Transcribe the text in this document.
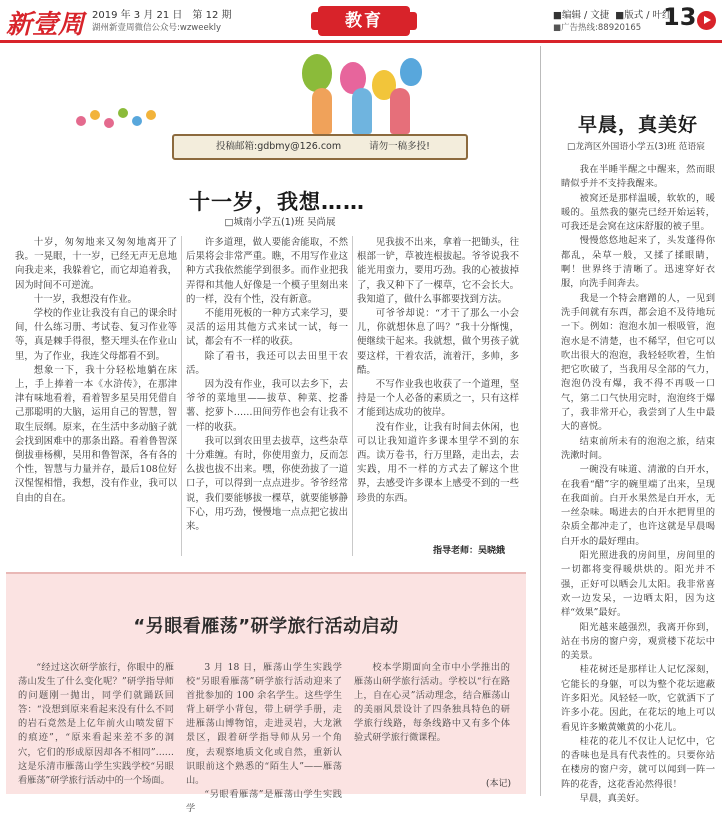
新壹周 2019 年 3 月 21 日　第 12 期
湖州新壹周微信公众号:wzweekly	教育	■编辑 / 文捷 ■版式 / 叶红
■广告热线:88920165 13
投稿邮箱:gdbmy@126.com	请勿一稿多投!
十一岁，我想……
□城南小学五(1)班 吴尚展

十岁，匆匆地来又匆匆地离开了我。一晃眼，十一岁，已经无声无息地向我走来，我躲着它，而它却追着我，因为时间不可逆流。

十一岁，我想没有作业。

学校的作业让我没有自己的课余时间，什么练习册、考试卷、复习作业等等，真是棘手得很，整天埋头在作业山里，为了作业，我连父母都看不到。

想象一下，我十分轻松地躺在床上，手上捧着一本《水浒传》，在那津津有味地看着，看着智多星吴用凭借自己那聪明的大脑，运用自己的智慧，智取生辰纲。原来，在生活中多动脑子就会找到困难中的那条出路。看着鲁智深倒拔垂杨柳，吴用和鲁智深，各有各的个性，智慧与力量并存，最后108位好汉惺惺相惜，我想，没有作业，我可以自由的自在。

许多道理，做人要能舍能取，不然后果将会非常严重。瞧，不用写作业这种方式我依然能学到很多。而作业把我弄得和其他人好像是一个模子里刻出来的一样，没有个性，没有新意。

不能用死板的一种方式来学习，要灵活的运用其他方式来试一试，每一试，都会有不一样的收获。

除了看书，我还可以去田里干农活。

因为没有作业，我可以去乡下，去爷爷的菜地里——拔草、种菜、挖番薯、挖萝卜……田间劳作也会有让我不一样的收获。

我可以到农田里去拔草，这些杂草十分难缠。有时，你使用蛮力，反而怎么拔也拔不出来。嘿，你使劲拔了一道口子，可以得到一点点进步。爷爷经常说，我们要能够拔一棵草，就要能够静下心，用巧劲，慢慢地一点点把它拔出来。

见我拔不出来，拿着一把锄头，往根部一铲，草被连根拔起。爷爷说我不能光用蛮力，要用巧劲。我的心被拔掉了，我又种下了一棵草，它不会长大。我知道了，做什么事都要找到方法。

可爷爷却说：“才干了那么一小会儿，你就想休息了吗？”我十分惭愧，便继续干起来。我就想，做个男孩子就要这样，干着农活，流着汗，多帅，多酷。

不写作业我也收获了一个道理，坚持是一个人必备的素质之一，只有这样才能到达成功的彼岸。

没有作业，让我有时间去休闲，也可以让我知道许多课本里学不到的东西。读万卷书，行万里路，走出去，去实践，用不一样的方式去了解这个世界，去感受许多课本上感受不到的一些珍贵的东西。

指导老师：吴晓娥
“另眼看雁荡”研学旅行活动启动

“经过这次研学旅行，你眼中的雁荡山发生了什么变化呢？”研学指导师的问题刚一抛出，同学们就踊跃回答：“没想到原来看起来没有什么不同的岩石竟然是上亿年前火山喷发留下的痕迹”，“原来看起来差不多的洞穴，它们的形成原因却各不相同”……这是乐清市雁荡山学生实践学校“另眼看雁荡”研学旅行活动中的一个场面。

3 月 18 日，雁荡山学生实践学校“另眼看雁荡”研学旅行活动迎来了首批参加的 100 余名学生。这些学生背上研学小背包，带上研学手册，走进雁荡山博物馆，走进灵岩，大龙湫景区，跟着研学指导师从另一个角度，去观察地质文化或自然，重新认识眼前这个熟悉的“陌生人”——雁荡山。

“另眼看雁荡”是雁荡山学生实践学

校本学期面向全市中小学推出的雁荡山研学旅行活动。学校以“行在路上，自在心灵”活动理念，结合雁荡山的美丽风景设计了四条独具特色的研学旅行线路，每条线路中又有多个体验式研学旅行微课程。

(本记)
早晨，真美好
□龙湾区外国语小学五(3)班 范语宸

我在半睡半醒之中醒来，然而眼睛似乎并不支持我醒来。

被窝还是那样温暖，软软的，暖暖的。虽然我的躯壳已经开始运转，可我还是会窝在这床舒服的被子里。

慢慢悠悠地起来了，头发蓬得你都乱，朵草一般，又揉了揉眼睛，啊！世界终于清晰了。迅速穿好衣服，向洗手间奔去。

我是一个特会磨蹭的人，一见到洗手间就有东西，都会追不及待地玩一下。例如：泡泡水加一根吸管，泡泡水是不清楚，也不稀罕，但它可以吹出很大的泡泡，我轻轻吹着，生怕把它吹破了，当我用尽全部的气力，泡泡仍没有爆，我不得不再吸一口气，第二口气快用完时，泡泡终于爆了，我非常开心，我尝到了人生中最大的喜悦。

结束前所未有的泡泡之旅，结束洗漱时间。

一碗没有味道、清澈的白开水，在我看“醋”字的碗里端了出来，呈现在我面前。白开水果然是白开水，无一丝杂味。喝进去的白开水把胃里的杂质全都冲走了，也许这就是早晨喝白开水的最好理由。

阳光照进我的房间里，房间里的一切都将变得暖烘烘的。阳光并不强，正好可以晒会儿太阳。我非常喜欢一边发呆，一边晒太阳，因为这样“效果”最好。

阳光越来越强烈，我离开你到，站在书房的窗户旁，观赏楼下花坛中的美景。

桂花树还是那样让人记忆深刻，它能长的身躯，可以为整个花坛遮蔽许多阳光。风轻轻一吹，它就洒下了许多小花。因此，在花坛的地上可以看见许多嫩黄嫩黄的小花儿。

桂花的花儿不仅让人记忆中，它的香味也是具有代表性的。只要你站在楼房的窗户旁，就可以闻到一阵一阵的花香，这花香沁然得很！

早晨，真美好。
